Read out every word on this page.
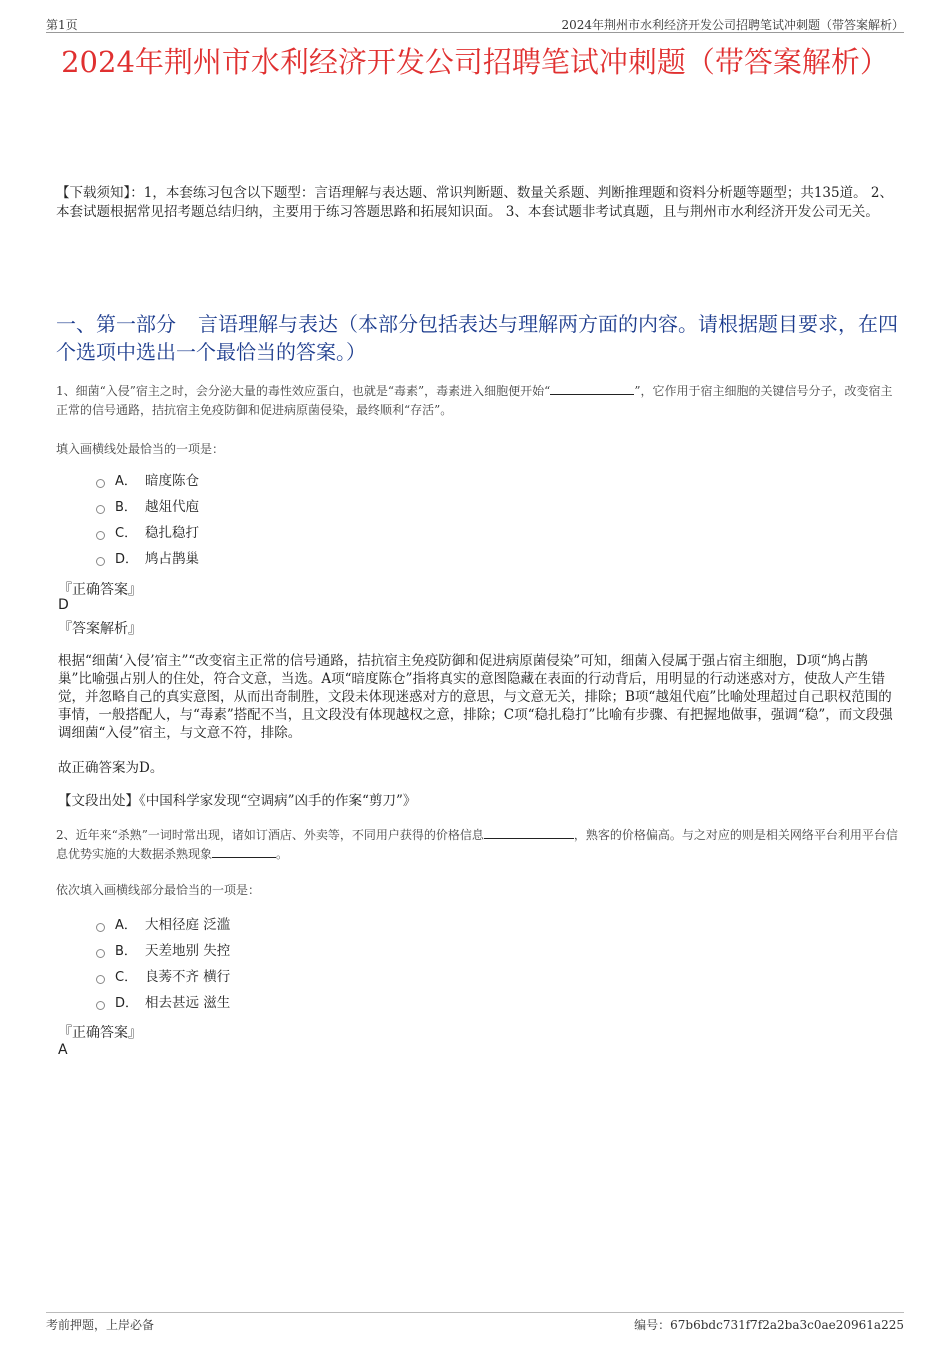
第1页	2024年荆州市水利经济开发公司招聘笔试冲刺题（带答案解析）
2024年荆州市水利经济开发公司招聘笔试冲刺题（带答案解析）
【下载须知】：1，本套练习包含以下题型：言语理解与表达题、常识判断题、数量关系题、判断推理题和资料分析题等题型；共135道。 2、本套试题根据常见招考题总结归纳，主要用于练习答题思路和拓展知识面。 3、本套试题非考试真题，且与荆州市水利经济开发公司无关。
一、第一部分 言语理解与表达（本部分包括表达与理解两方面的内容。请根据题目要求，在四个选项中选出一个最恰当的答案。）
1、细菌“入侵”宿主之时，会分泌大量的毒性效应蛋白，也就是“毒素”，毒素进入细胞便开始“	”，它作用于宿主细胞的关键信号分子，改变宿主正常的信号通路，拮抗宿主免疫防御和促进病原菌侵染，最终顺利“存活”。
填入画横线处最恰当的一项是：
A． 暗度陈仓
B． 越俎代庖
C． 稳扎稳打
D． 鸠占鹊巢
『正确答案』
D
『答案解析』
根据“细菌‘入侵’宿主”“改变宿主正常的信号通路，拮抗宿主免疫防御和促进病原菌侵染”可知，细菌入侵属于强占宿主细胞，D项“鸠占鹊巢”比喻强占别人的住处，符合文意，当选。A项“暗度陈仓”指将真实的意图隐藏在表面的行动背后，用明显的行动迷惑对方，使敌人产生错觉，并忽略自己的真实意图，从而出奇制胜，文段未体现迷惑对方的意思，与文意无关，排除；B项“越俎代庖”比喻处理超过自己职权范围的事情，一般搭配人，与“毒素”搭配不当，且文段没有体现越权之意，排除；C项“稳扎稳打”比喻有步骤、有把握地做事，强调“稳”，而文段强调细菌“入侵”宿主，与文意不符，排除。
故正确答案为D。
【文段出处】《中国科学家发现“空调病”凶手的作案“剪刀”》
2、近年来“杀熟”一词时常出现，诸如订酒店、外卖等，不同用户获得的价格信息	，熟客的价格偏高。与之对应的则是相关网络平台利用平台信息优势实施的大数据杀熟现象	。
依次填入画横线部分最恰当的一项是：
A． 大相径庭 泛滥
B． 天差地别 失控
C． 良莠不齐 横行
D． 相去甚远 滋生
『正确答案』
A
考前押题，上岸必备	编号：67b6bdc731f7f2a2ba3c0ae20961a225
